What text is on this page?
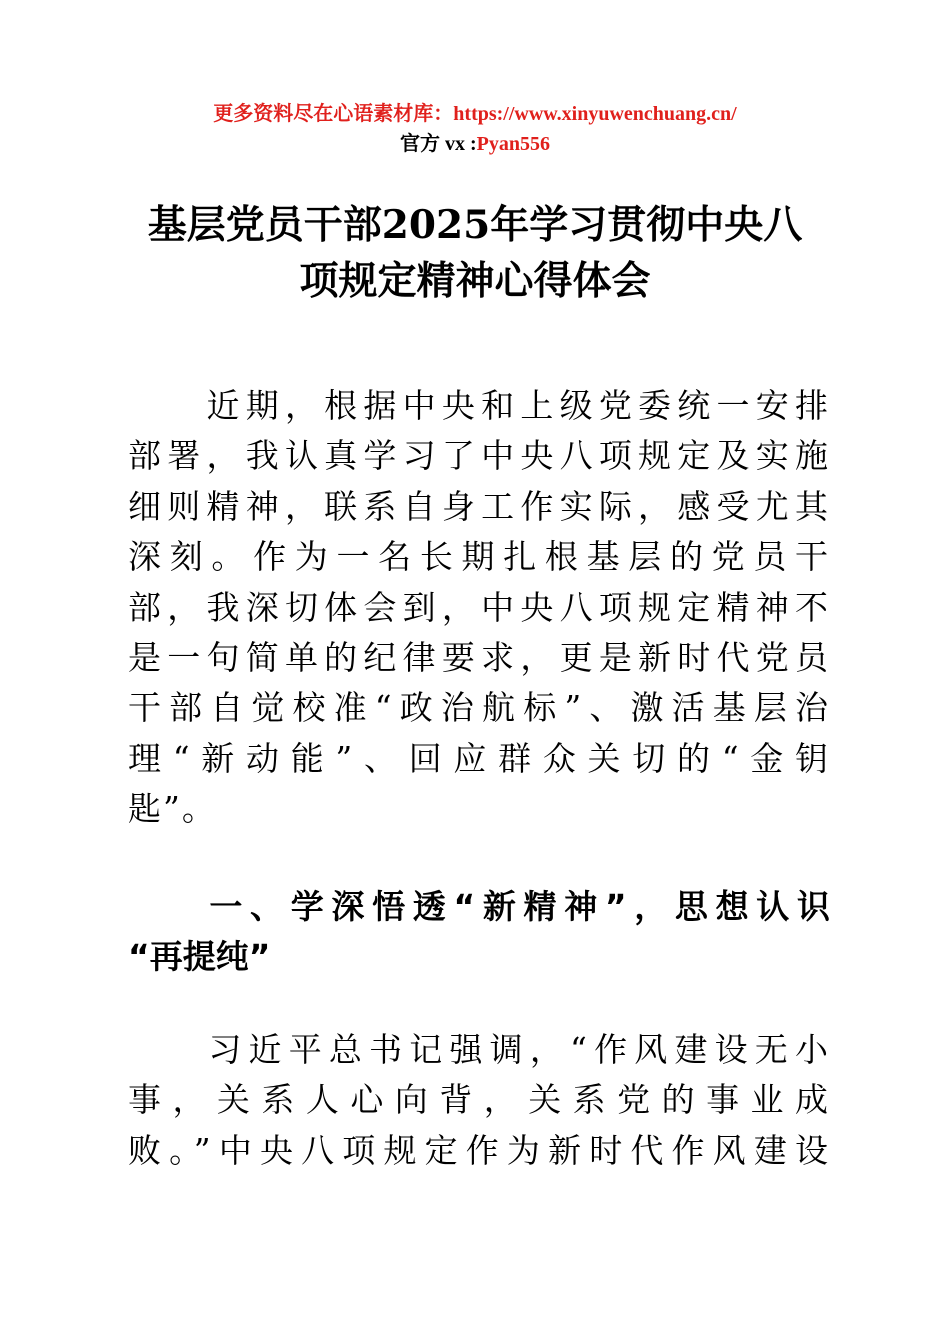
更多资料尽在心语素材库：https://www.xinyuwenchuang.cn/
官方 vx :Pyan556
基层党员干部2025年学习贯彻中央八
项规定精神心得体会
　　近期，根据中央和上级党委统一安排
部署，我认真学习了中央八项规定及实施
细则精神，联系自身工作实际，感受尤其
深刻。作为一名长期扎根基层的党员干
部，我深切体会到，中央八项规定精神不
是一句简单的纪律要求，更是新时代党员
干部自觉校准“政治航标”、激活基层治
理“新动能”、回应群众关切的“金钥
匙”。
　　一、学深悟透“新精神”，思想认识
“再提纯”
　　习近平总书记强调，“作风建设无小
事，关系人心向背，关系党的事业成
败。”中央八项规定作为新时代作风建设
